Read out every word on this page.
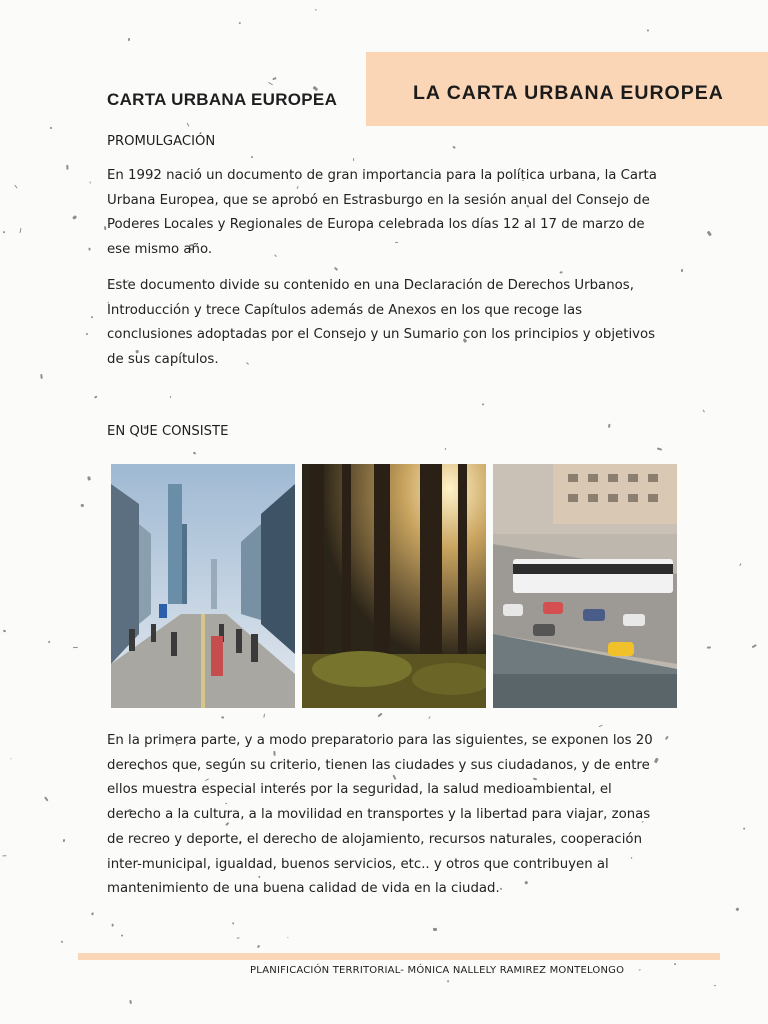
LA CARTA URBANA EUROPEA
CARTA URBANA EUROPEA
PROMULGACIÓN

En 1992 nació un documento de gran importancia para la política urbana, la Carta Urbana Europea, que se aprobó en Estrasburgo en la sesión anual del Consejo de Poderes Locales y Regionales de Europa celebrada los días 12 al 17 de marzo de ese mismo año.

Este documento divide su contenido en una Declaración de Derechos Urbanos, Introducción y trece Capítulos además de Anexos en los que recoge las conclusiones adoptadas por el Consejo y un Sumario con los principios y objetivos de sus capítulos.

EN QUE CONSISTE

En la primera parte, y a modo preparatorio para las siguientes, se exponen los 20 derechos que, según su criterio, tienen las ciudades y sus ciudadanos, y de entre ellos muestra especial interés por la seguridad, la salud medioambiental, el derecho a la cultura, a la movilidad en transportes y la libertad para viajar, zonas de recreo y deporte, el derecho de alojamiento, recursos naturales, cooperación inter-municipal, igualdad, buenos servicios, etc.. y otros que contribuyen al mantenimiento de una buena calidad de vida en la ciudad.

PLANIFICACIÓN TERRITORIAL- MÓNICA NALLELY RAMIREZ MONTELONGO
